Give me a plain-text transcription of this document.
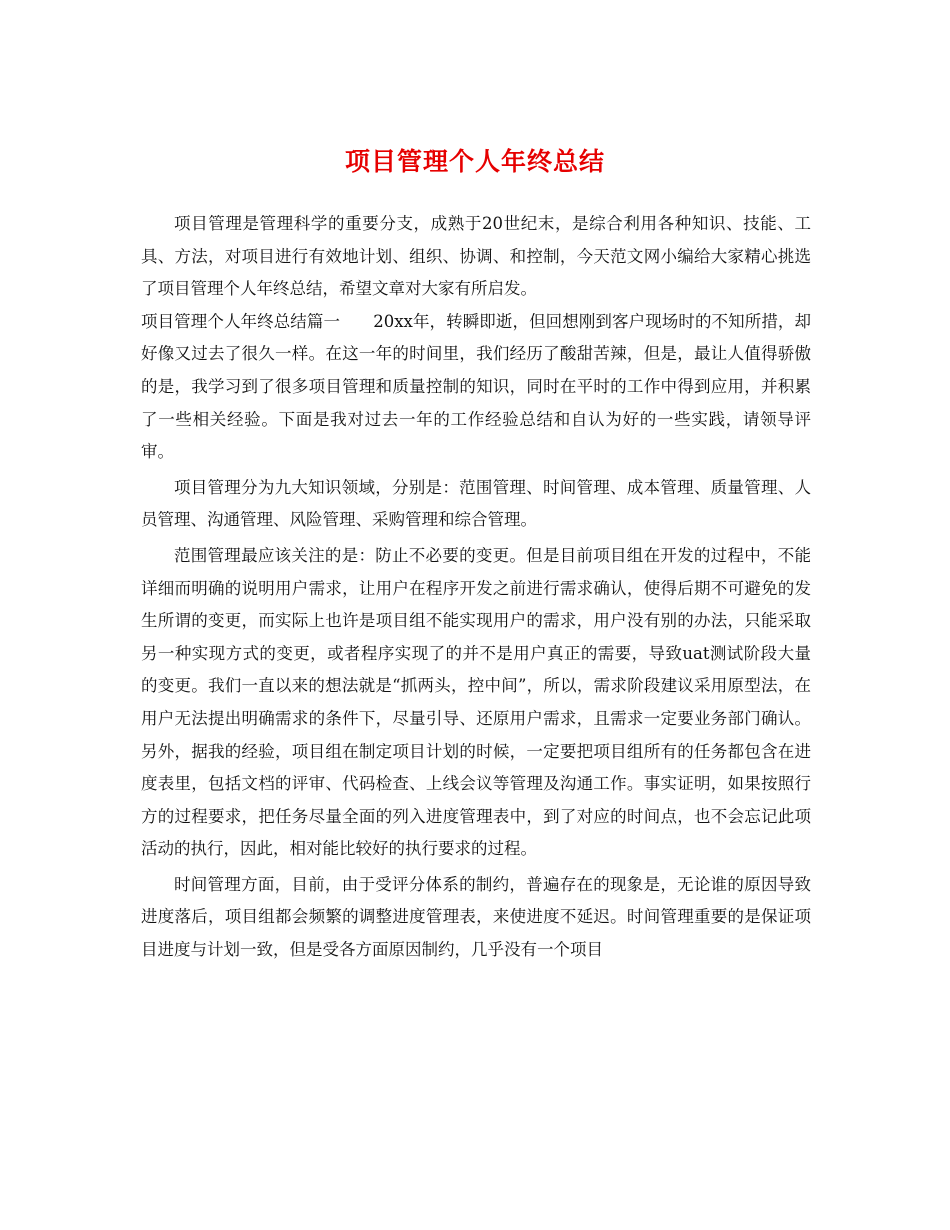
项目管理个人年终总结

项目管理是管理科学的重要分支，成熟于20世纪末，是综合利用各种知识、技能、工具、方法，对项目进行有效地计划、组织、协调、和控制，今天范文网小编给大家精心挑选了项目管理个人年终总结，希望文章对大家有所启发。

项目管理个人年终总结篇一　　20xx年，转瞬即逝，但回想刚到客户现场时的不知所措，却好像又过去了很久一样。在这一年的时间里，我们经历了酸甜苦辣，但是，最让人值得骄傲的是，我学习到了很多项目管理和质量控制的知识，同时在平时的工作中得到应用，并积累了一些相关经验。下面是我对过去一年的工作经验总结和自认为好的一些实践，请领导评审。

项目管理分为九大知识领域，分别是：范围管理、时间管理、成本管理、质量管理、人员管理、沟通管理、风险管理、采购管理和综合管理。

范围管理最应该关注的是：防止不必要的变更。但是目前项目组在开发的过程中，不能详细而明确的说明用户需求，让用户在程序开发之前进行需求确认，使得后期不可避免的发生所谓的变更，而实际上也许是项目组不能实现用户的需求，用户没有别的办法，只能采取另一种实现方式的变更，或者程序实现了的并不是用户真正的需要，导致uat测试阶段大量的变更。我们一直以来的想法就是“抓两头，控中间”，所以，需求阶段建议采用原型法，在用户无法提出明确需求的条件下，尽量引导、还原用户需求，且需求一定要业务部门确认。另外，据我的经验，项目组在制定项目计划的时候，一定要把项目组所有的任务都包含在进度表里，包括文档的评审、代码检查、上线会议等管理及沟通工作。事实证明，如果按照行方的过程要求，把任务尽量全面的列入进度管理表中，到了对应的时间点，也不会忘记此项活动的执行，因此，相对能比较好的执行要求的过程。

时间管理方面，目前，由于受评分体系的制约，普遍存在的现象是，无论谁的原因导致进度落后，项目组都会频繁的调整进度管理表，来使进度不延迟。时间管理重要的是保证项目进度与计划一致，但是受各方面原因制约，几乎没有一个项目
